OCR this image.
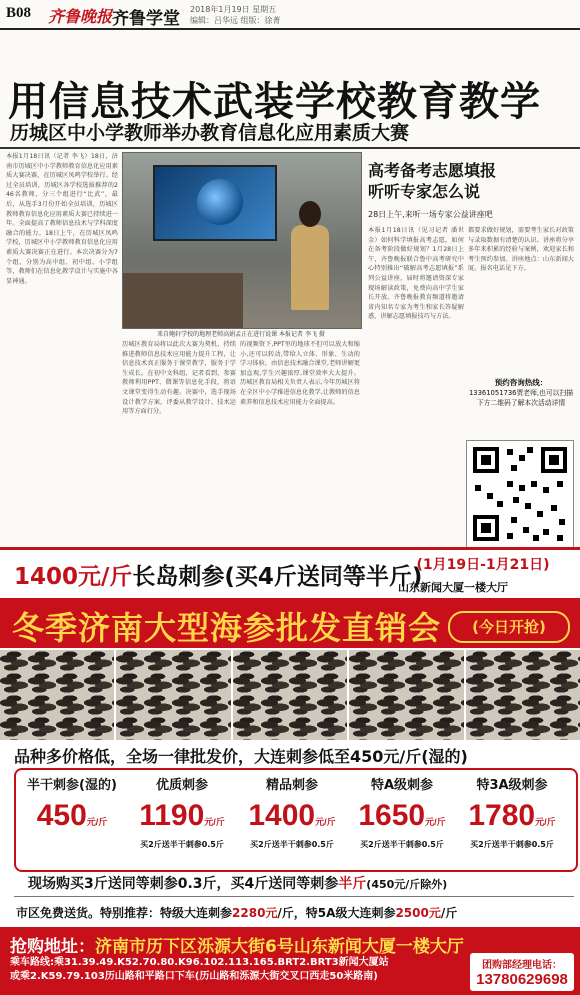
B08 齐鲁晚报 齐鲁学堂 2018年1月19日 星期五
编辑：吕华远 组版：徐菁
用信息技术武装学校教育教学
历城区中小学教师举办教育信息化应用素质大赛
本报1月18日讯（记者 李飞）18日，济南市历城区中小学教师教育信息化应用素质大赛决赛，在历城区凤鸣学校举行。经过全员培训，历城区各学校选拔推荐的246名教师，分三个组进行“比武”，最后，从选手3月份开始全员培训，历城区教师教育信息化应用素质大赛已持续进一年。全面提高了教师信息技术与学科深度融合的能力。18日上午，在历城区凤鸣学校，历城区中小学教师教育信息化应用素质大赛决赛正在进行。本次决赛分为7个组，分别为高中组、初中组、小学组等，教师们在信息化教学设计与实施中各显神通。
历城区教育局将以此次大赛为契机，持续推进教师信息技术应用能力提升工程，让信息技术真正服务于课堂教学，服务于学生成长。在初中文科组，记者看到，参赛教师利用PPT、微课等信息化手段，将语文课堂变得生动有趣。决赛中，选手现场设计教学方案，评委从教学设计、技术运用等方面打分。
的视频资下,PPT里的地球不但可以放大和缩小,还可以转动,带给人立体、形象、生动的学习体验。由信息技术融合课堂,老师讲解更加直观,学生兴趣浓厚,课堂效率大大提升。历城区教育局相关负责人表示,今年历城区将在全区中小学推进信息化教学,让教师的信息素养和信息技术应用能力全面提高。
来自鲍轩学校的地理老师高娟孟正在进行说课 本报记者 李飞 摄
高考备考志愿填报
听听专家怎么说
28日上午,来听一场专家公益讲座吧
本报1月18日讯（见习记者 潘世金）如何科学填报高考志愿，如何在备考阶段做好规划？1月28日上午，齐鲁晚报联合鲁中高考研究中心特别推出“破解高考志愿填报”系列公益讲座，届时将邀请资深专家现场解读政策，免费向高中学生家长开放。齐鲁晚报教育频道将邀请省内知名专家为考生和家长答疑解惑，讲解志愿填报技巧与方法。
都要求做好规划，需要考生家长对政策与录取数据有清楚的认识。讲座将分享多年来积累的经验与案例，欢迎家长和考生预约参加。讲座地点：山东新闻大厦。报名电话见下方。
预约咨询热线：
13361051736贾老师,也可以扫描下方二维码了解本次活动详情
1400元/斤长岛刺参(买4斤送同等半斤)
(1月19日-1月21日)
山东新闻大厦一楼大厅
冬季济南大型海参批发直销会	(今日开抢)
品种多价格低，全场一律批发价，大连刺参低至450元/斤(湿的)
半干刺参(湿的)
450元/斤
优质刺参
1190元/斤
买2斤送半干刺参0.5斤
精品刺参
1400元/斤
买2斤送半干刺参0.5斤
特A级刺参
1650元/斤
买2斤送半干刺参0.5斤
特3A级刺参
1780元/斤
买2斤送半干刺参0.5斤
现场购买3斤送同等刺参0.3斤，买4斤送同等刺参半斤(450元/斤除外)
市区免费送货。特别推荐：特级大连刺参2280元/斤，特5A级大连刺参2500元/斤
抢购地址：济南市历下区泺源大街6号山东新闻大厦一楼大厅
乘车路线:乘31.39.49.K52.70.80.K96.102.113.165.BRT2.BRT3新闻大厦站
或乘2.K59.79.103历山路和平路口下车(历山路和泺源大街交叉口西走50米路南)
团购部经理电话：
13780629698
